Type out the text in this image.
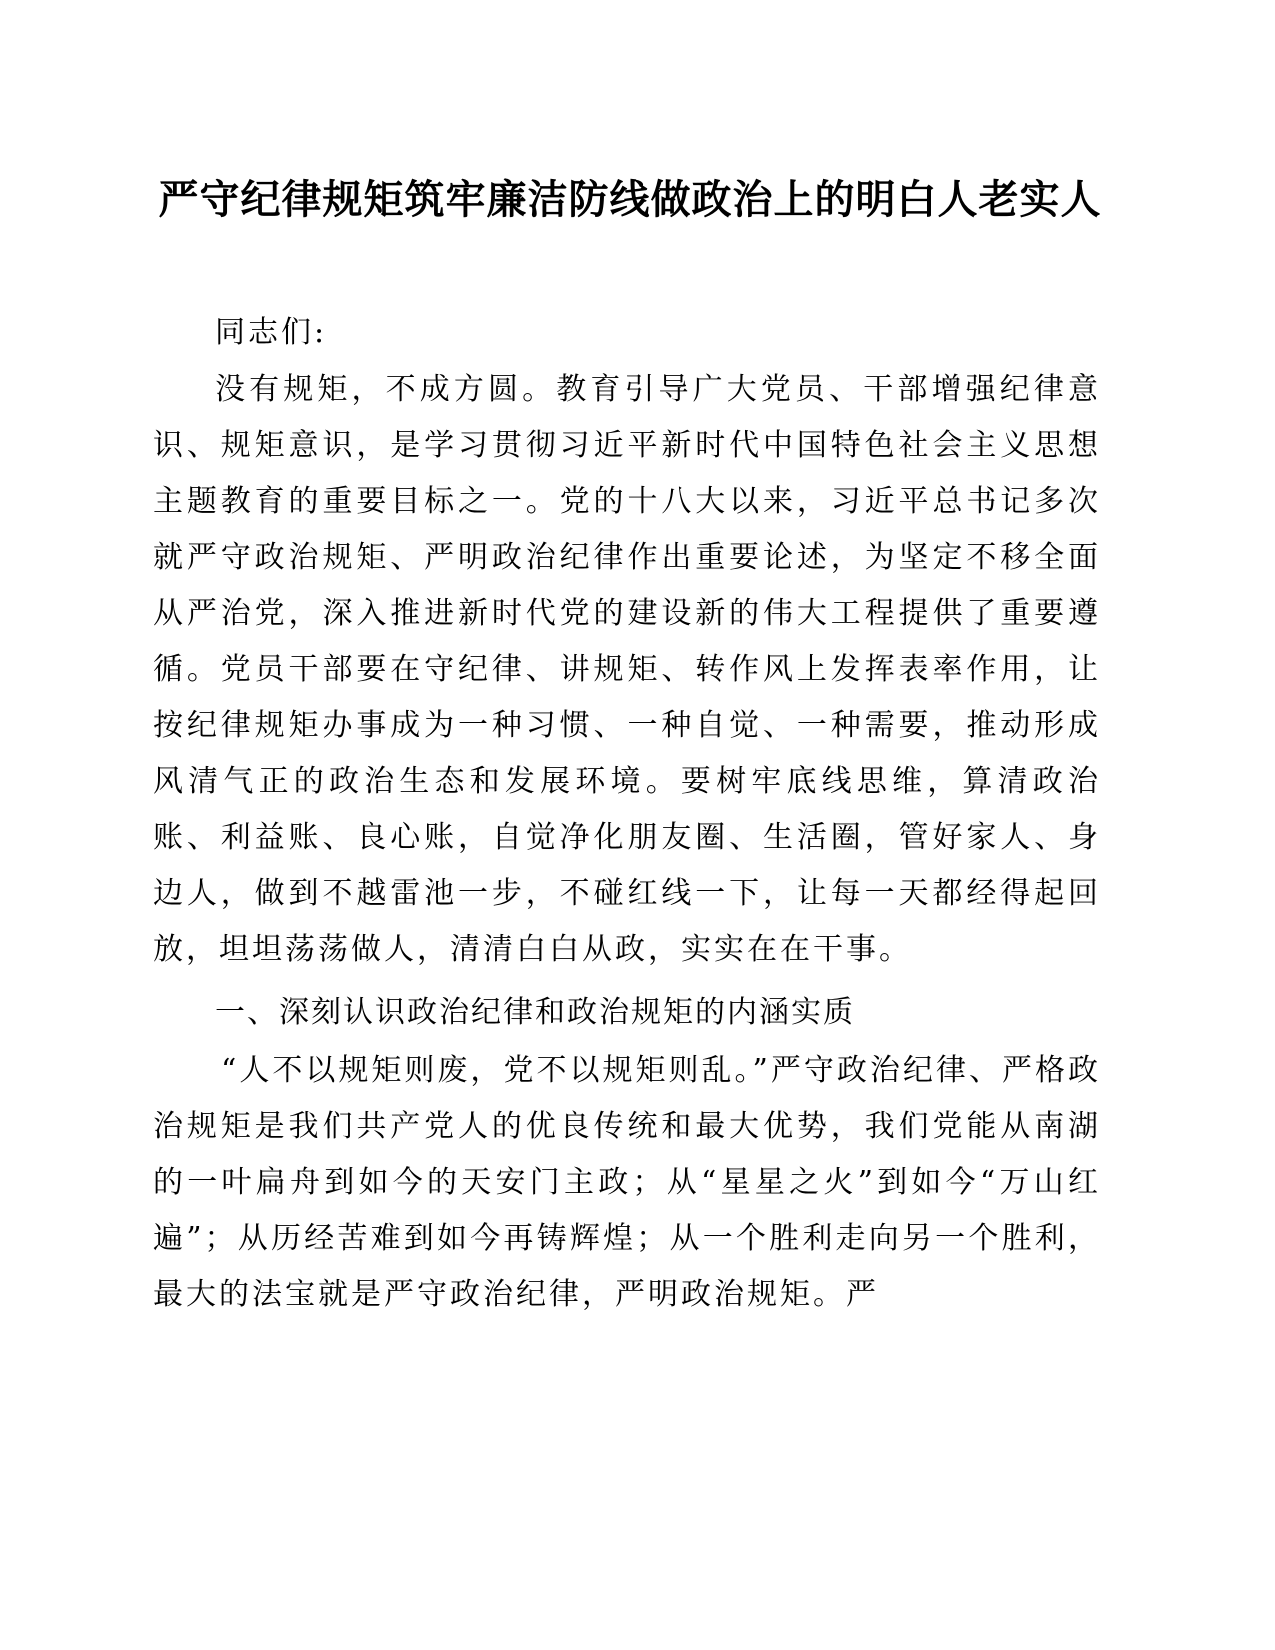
严守纪律规矩筑牢廉洁防线做政治上的明白人老实人

同志们:

没有规矩，不成方圆。教育引导广大党员、干部增强纪律意识、规矩意识，是学习贯彻习近平新时代中国特色社会主义思想主题教育的重要目标之一。党的十八大以来，习近平总书记多次就严守政治规矩、严明政治纪律作出重要论述，为坚定不移全面从严治党，深入推进新时代党的建设新的伟大工程提供了重要遵循。党员干部要在守纪律、讲规矩、转作风上发挥表率作用，让按纪律规矩办事成为一种习惯、一种自觉、一种需要，推动形成风清气正的政治生态和发展环境。要树牢底线思维，算清政治账、利益账、良心账，自觉净化朋友圈、生活圈，管好家人、身边人，做到不越雷池一步，不碰红线一下，让每一天都经得起回放，坦坦荡荡做人，清清白白从政，实实在在干事。

一、深刻认识政治纪律和政治规矩的内涵实质

“人不以规矩则废，党不以规矩则乱。”严守政治纪律、严格政治规矩是我们共产党人的优良传统和最大优势，我们党能从南湖的一叶扁舟到如今的天安门主政；从“星星之火”到如今“万山红遍”；从历经苦难到如今再铸辉煌；从一个胜利走向另一个胜利，最大的法宝就是严守政治纪律，严明政治规矩。严
